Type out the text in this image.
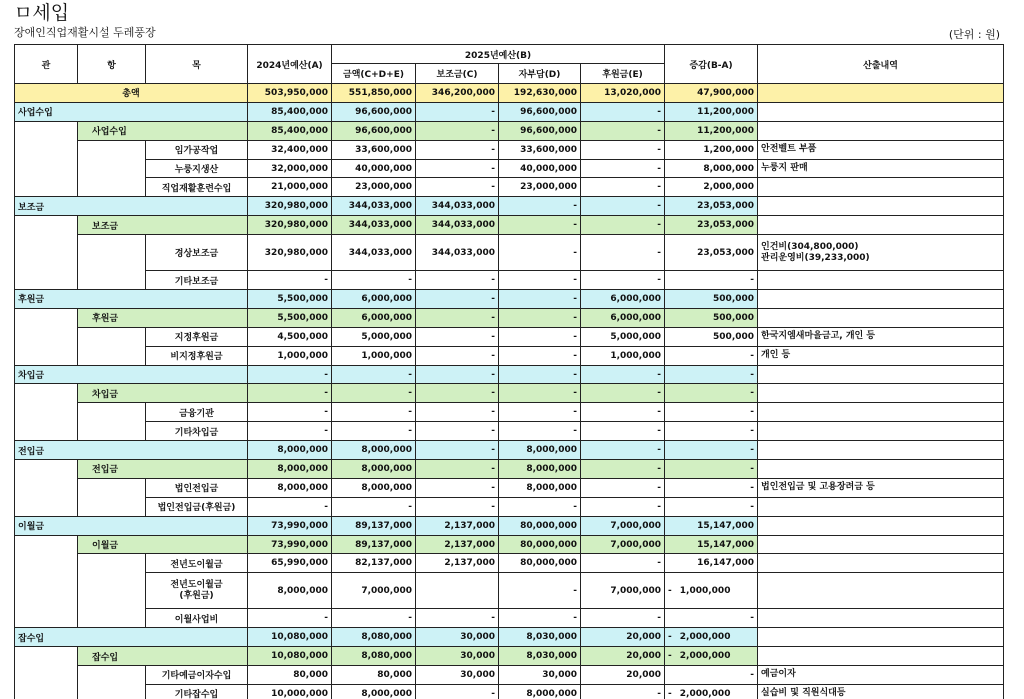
ㅁ세입
장애인직업재활시설 두레풍장	(단위 : 원)
관	항	목	2024년예산(A)	2025년예산(B)				증감(B-A)	산출내역
				금액(C+D+E)	보조금(C)	자부담(D)	후원금(E)		
총액			503,950,000	551,850,000	346,200,000	192,630,000	13,020,000	47,900,000	
사업수입			85,400,000	96,600,000	-	96,600,000	-	11,200,000	
	사업수입		85,400,000	96,600,000	-	96,600,000	-	11,200,000	
		임가공작업	32,400,000	33,600,000	-	33,600,000	-	1,200,000	안전벨트 부품
		누룽지생산	32,000,000	40,000,000	-	40,000,000	-	8,000,000	누룽지 판매
		직업재활훈련수입	21,000,000	23,000,000	-	23,000,000	-	2,000,000	
보조금			320,980,000	344,033,000	344,033,000	-	-	23,053,000	
	보조금		320,980,000	344,033,000	344,033,000	-	-	23,053,000	
		경상보조금	320,980,000	344,033,000	344,033,000	-	-	23,053,000	인건비(304,800,000)
관리운영비(39,233,000)
		기타보조금	-	-	-	-	-	-	
후원금			5,500,000	6,000,000	-	-	6,000,000	500,000	
	후원금		5,500,000	6,000,000	-	-	6,000,000	500,000	
		지정후원금	4,500,000	5,000,000	-	-	5,000,000	500,000	한국지엠새마을금고, 개인 등
		비지정후원금	1,000,000	1,000,000	-	-	1,000,000	-	개인 등
차입금			-	-	-	-	-	-	
	차입금		-	-	-	-	-	-	
		금융기관	-	-	-	-	-	-	
		기타차입금	-	-	-	-	-	-	
전입금			8,000,000	8,000,000	-	8,000,000	-	-	
	전입금		8,000,000	8,000,000	-	8,000,000	-	-	
		법인전입금	8,000,000	8,000,000	-	8,000,000	-	-	법인전입금 및 고용장려금 등
		법인전입금(후원금)	-	-	-	-	-	-	
이월금			73,990,000	89,137,000	2,137,000	80,000,000	7,000,000	15,147,000	
	이월금		73,990,000	89,137,000	2,137,000	80,000,000	7,000,000	15,147,000	
		전년도이월금	65,990,000	82,137,000	2,137,000	80,000,000	-	16,147,000	
		전년도이월금
(후원금)	8,000,000	7,000,000		-	7,000,000	- 1,000,000	
		이월사업비	-	-	-	-	-	-	
잡수입			10,080,000	8,080,000	30,000	8,030,000	20,000	- 2,000,000	
	잡수입		10,080,000	8,080,000	30,000	8,030,000	20,000	- 2,000,000	
		기타예금이자수입	80,000	80,000	30,000	30,000	20,000	-	예금이자
		기타잡수입	10,000,000	8,000,000	-	8,000,000	-	- 2,000,000	실습비 및 직원식대등
